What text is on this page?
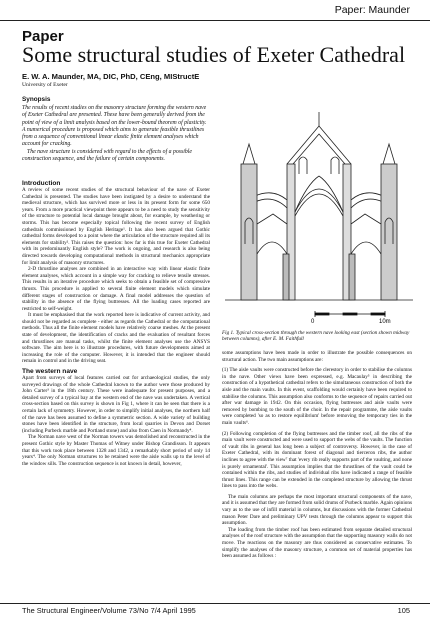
Paper: Maunder
Paper
Some structural studies of Exeter Cathedral
E. W. A. Maunder, MA, DIC, PhD, CEng, MIStructE
University of Exeter
Synopsis

The results of recent studies on the masonry structure forming the western nave of Exeter Cathedral are presented. These have been generally derived from the point of view of a limit analysis based on the lower-bound theorem of plasticity. A numerical procedure is proposed which aims to generate feasible thrustlines from a sequence of conventional linear elastic finite element analyses which account for cracking.

The nave structure is considered with regard to the effects of a possible construction sequence, and the failure of certain components.

Introduction

A review of some recent studies of the structural behaviour of the nave of Exeter Cathedral is presented. The studies have been instigated by a desire to understand the medieval structure, which has survived more or less in its present form for some 650 years. From a more practical viewpoint there appears to be a need to study the sensitivity of the structure to potential local damage brought about, for example, by weathering or storms. This has become especially topical following the recent survey of English cathedrals commissioned by English Heritage¹. It has also been argued that Gothic cathedral forms developed to a point where the articulation of the structure required all its elements for stability². This raises the question: how far is this true for Exeter Cathedral with its predominantly English style? The work is ongoing, and research is also being directed towards developing computational methods in structural mechanics appropriate for limit analysis of masonry structures.

2-D thrustline analyses are combined in an interactive way with linear elastic finite element analyses, which account in a simple way for cracking to relieve tensile stresses. This results in an iterative procedure which seeks to obtain a feasible set of compressive thrusts. This procedure is applied to several finite element models which simulate different stages of construction or damage. A final model addresses the question of stability in the absence of the flying buttresses. All the loading cases reported are restricted to self-weight.

It must be emphasised that the work reported here is indicative of current activity, and should not be regarded as complete - either as regards the Cathedral or the computational methods. Thus all the finite element models have relatively coarse meshes. At the present state of development, the identification of cracks and the evaluation of resultant forces and thrustlines are manual tasks, whilst the finite element analyses use the ANSYS software. The aim here is to illustrate procedures, with future developments aimed at increasing the role of the computer. However, it is intended that the engineer should remain in control and in the driving seat.

The western nave

Apart from surveys of local features carried out for archaeological studies, the only surveyed drawings of the whole Cathedral known to the author were those produced by John Carter³ in the 18th century. These were inadequate for present purposes, and a detailed survey of a typical bay at the western end of the nave was undertaken. A vertical cross-section based on this survey is shown in Fig 1, where it can be seen that there is a certain lack of symmetry. However, in order to simplify initial analyses, the northern half of the nave has been assumed to define a symmetric section. A wide variety of building stones have been identified in the structure, from local quarries in Devon and Dorset (including Purbeck marble and Portland stone) and also from Caen in Normandy⁴.

The Norman nave west of the Norman towers was demolished and reconstructed in the present Gothic style by Master Thomas of Witney under Bishop Grandisson. It appears that this work took place between 1328 and 1342, a remarkably short period of only 14 years⁴. The only Norman structures to be retained were the aisle walls up to the level of the window sills. The construction sequence is not known in detail, however,

0	10m
Fig 1. Typical cross-section through the western nave looking east (section shown midway between columns), after E. M. Faithfull

some assumptions have been made in order to illustrate the possible consequences on structural action. The two main assumptions are:

(1) The aisle vaults were constructed before the clerestory in order to stabilise the columns in the nave. Other views have been expressed, e.g. Macaulay⁵ in describing the construction of a hypothetical cathedral refers to the simultaneous construction of both the aisle and the main vaults. In this event, scaffolding would certainly have been required to stabilise the columns. This assumption also conforms to the sequence of repairs carried out after war damage in 1942. On this occasion, flying buttresses and aisle vaults were removed by bombing to the south of the choir. In the repair programme, the aisle vaults were completed 'so as to restore equilibrium' before removing the temporary ties in the main vaults⁶.

(2) Following completion of the flying buttresses and the timber roof, all the ribs of the main vault were constructed and were used to support the webs of the vaults. The function of vault ribs in general has long been a subject of controversy. However, in the case of Exeter Cathedral, with its dominant forest of diagonal and tierceron ribs, the author inclines to agree with the view⁷ that 'every rib really supports part of the vaulting, and none is purely ornamental'. This assumption implies that the thrustlines of the vault could be contained within the ribs, and studies of individual ribs have indicated a range of feasible thrust lines. This range can be extended in the completed structure by allowing the thrust lines to pass into the webs.

The main columns are perhaps the most important structural components of the nave, and it is assumed that they are formed from solid drums of Purbeck marble. Again opinions vary as to the use of infill material in columns, but discussions with the former Cathedral mason Peter Dare and preliminary UPV tests through the columns appear to support this assumption.

The loading from the timber roof has been estimated from separate detailed structural analyses of the roof structure with the assumption that the supporting masonry walls do not move. The reactions on the masonry are thus considered as conservative estimates. To simplify the analyses of the masonry structure, a common set of material properties has been assumed as follows :

The Structural Engineer/Volume 73/No 7/4 April 1995	105
